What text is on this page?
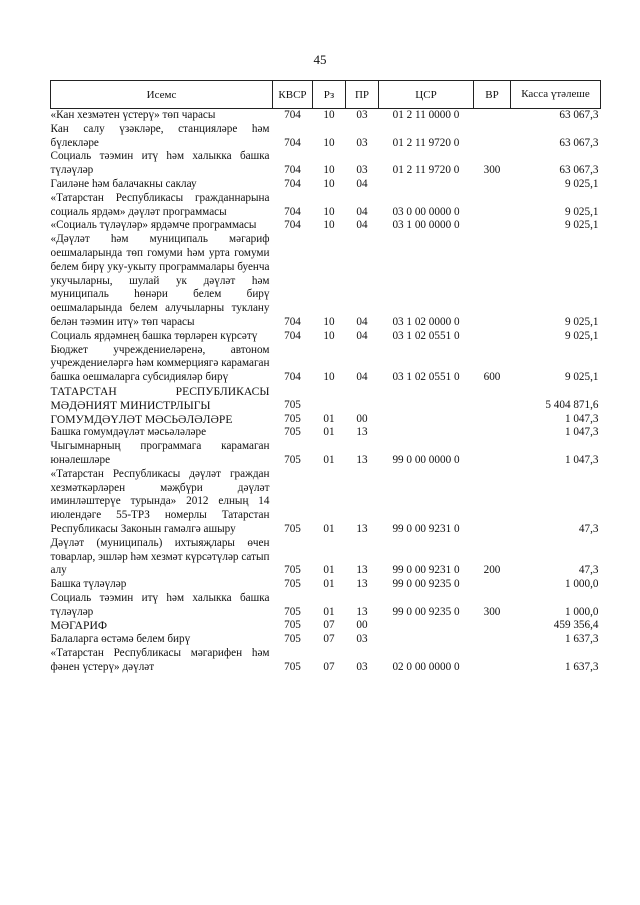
45
Исемс	КВСР	Рз	ПР	ЦСР	ВР	Касса үтәлеше
«Кан хезмәтен үстерү» төп чарасы	704	10	03	01 2 11 0000 0		63 067,3
Кан салу үзәкләре, станцияләре һәм бүлекләре	704	10	03	01 2 11 9720 0		63 067,3
Социаль тәэмин итү һәм халыкка башка түләүләр	704	10	03	01 2 11 9720 0	300	63 067,3
Гаиләне һәм балачакны саклау	704	10	04			9 025,1
«Татарстан Республикасы гражданнарына социаль ярдәм» дәүләт программасы	704	10	04	03 0 00 0000 0		9 025,1
«Социаль түләүләр» ярдәмче программасы	704	10	04	03 1 00 0000 0		9 025,1
«Дәүләт һәм муниципаль мәгариф оешмаларында төп гомуми һәм урта гомуми белем бирү уку-укыту программалары буенча укучыларны, шулай ук дәүләт һәм муниципаль һөнәри белем бирү оешмаларында белем алучыларны туклану белән тәэмин итү» төп чарасы	704	10	04	03 1 02 0000 0		9 025,1
Социаль ярдәмнең башка төрләрен күрсәтү	704	10	04	03 1 02 0551 0		9 025,1
Бюджет учреждениеләренә, автоном учреждениеләргә һәм коммерциягә карамаган башка оешмаларга субсидияләр бирү	704	10	04	03 1 02 0551 0	600	9 025,1
ТАТАРСТАН РЕСПУБЛИКАСЫ МӘДӘНИЯТ МИНИСТРЛЫГЫ	705					5 404 871,6
ГОМУМДӘҮЛӘТ МӘСЬӘЛӘЛӘРЕ	705	01	00			1 047,3
Башка гомумдәүләт мәсьәләләре	705	01	13			1 047,3
Чыгымнарның программага карамаган юнәлешләре	705	01	13	99 0 00 0000 0		1 047,3
«Татарстан Республикасы дәүләт граждан хезмәткәрләрен мәҗбүри дәүләт иминләштерүе турында» 2012 елның 14 июлендәге 55-ТРЗ номерлы Татарстан Республикасы Законын гамәлгә ашыру	705	01	13	99 0 00 9231 0		47,3
Дәүләт (муниципаль) ихтыяҗлары өчен товарлар, эшләр һәм хезмәт күрсәтүләр сатып алу	705	01	13	99 0 00 9231 0	200	47,3
Башка түләүләр	705	01	13	99 0 00 9235 0		1 000,0
Социаль тәэмин итү һәм халыкка башка түләүләр	705	01	13	99 0 00 9235 0	300	1 000,0
МӘГАРИФ	705	07	00			459 356,4
Балаларга өстәмә белем бирү	705	07	03			1 637,3
«Татарстан Республикасы мәгарифен һәм фәнен үстерү» дәүләт	705	07	03	02 0 00 0000 0		1 637,3
